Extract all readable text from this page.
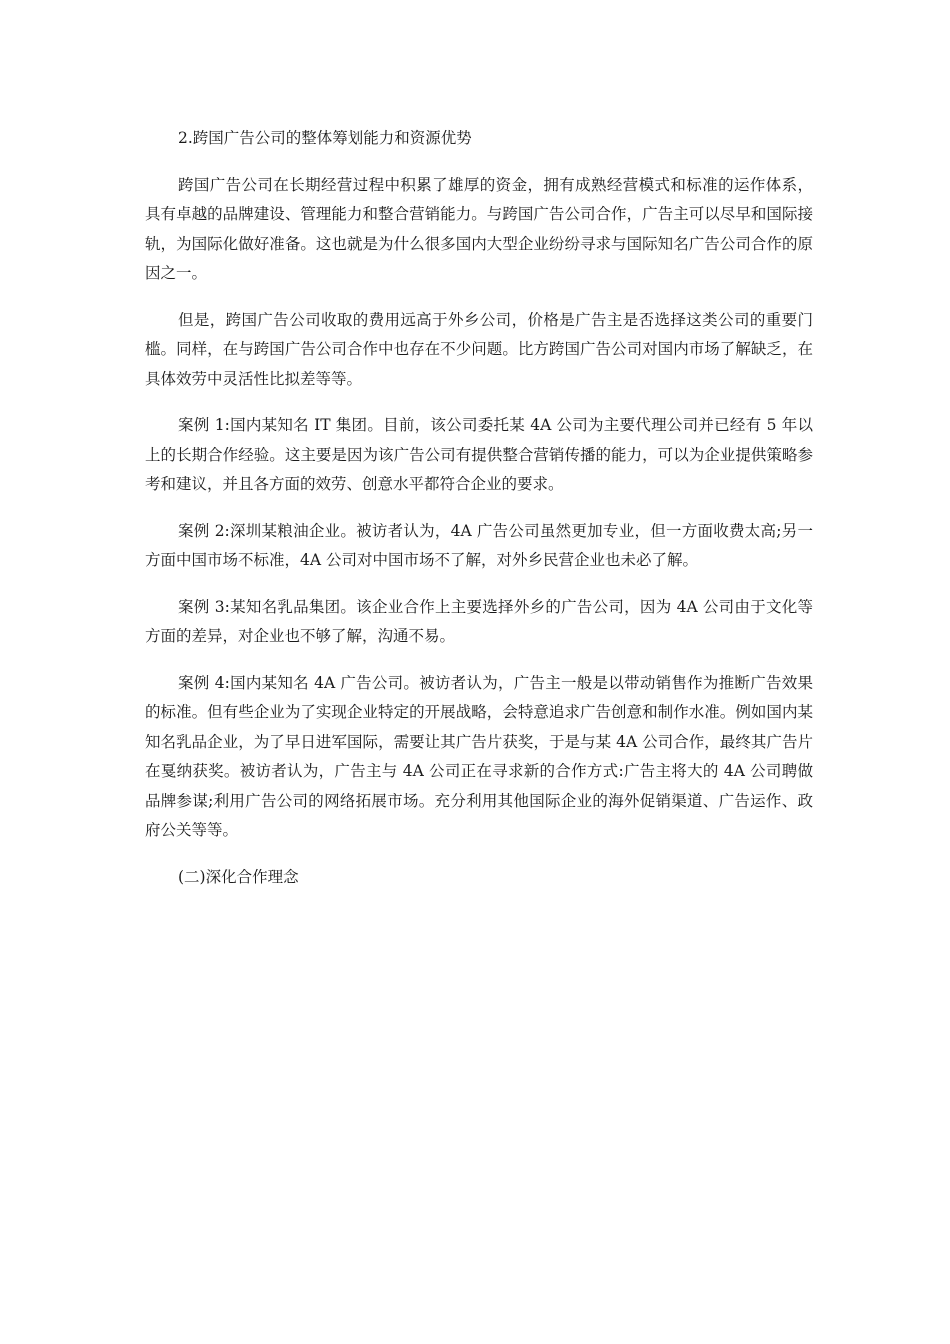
2.跨国广告公司的整体筹划能力和资源优势

跨国广告公司在长期经营过程中积累了雄厚的资金，拥有成熟经营模式和标准的运作体系，具有卓越的品牌建设、管理能力和整合营销能力。与跨国广告公司合作，广告主可以尽早和国际接轨，为国际化做好准备。这也就是为什么很多国内大型企业纷纷寻求与国际知名广告公司合作的原因之一。

但是，跨国广告公司收取的费用远高于外乡公司，价格是广告主是否选择这类公司的重要门槛。同样，在与跨国广告公司合作中也存在不少问题。比方跨国广告公司对国内市场了解缺乏，在具体效劳中灵活性比拟差等等。

案例 1:国内某知名 IT 集团。目前，该公司委托某 4A 公司为主要代理公司并已经有 5 年以上的长期合作经验。这主要是因为该广告公司有提供整合营销传播的能力，可以为企业提供策略参考和建议，并且各方面的效劳、创意水平都符合企业的要求。

案例 2:深圳某粮油企业。被访者认为，4A 广告公司虽然更加专业，但一方面收费太高;另一方面中国市场不标准，4A 公司对中国市场不了解，对外乡民营企业也未必了解。

案例 3:某知名乳品集团。该企业合作上主要选择外乡的广告公司，因为 4A 公司由于文化等方面的差异，对企业也不够了解，沟通不易。

案例 4:国内某知名 4A 广告公司。被访者认为，广告主一般是以带动销售作为推断广告效果的标准。但有些企业为了实现企业特定的开展战略，会特意追求广告创意和制作水准。例如国内某知名乳品企业，为了早日进军国际，需要让其广告片获奖，于是与某 4A 公司合作，最终其广告片在戛纳获奖。被访者认为，广告主与 4A 公司正在寻求新的合作方式:广告主将大的 4A 公司聘做品牌参谋;利用广告公司的网络拓展市场。充分利用其他国际企业的海外促销渠道、广告运作、政府公关等等。

(二)深化合作理念
